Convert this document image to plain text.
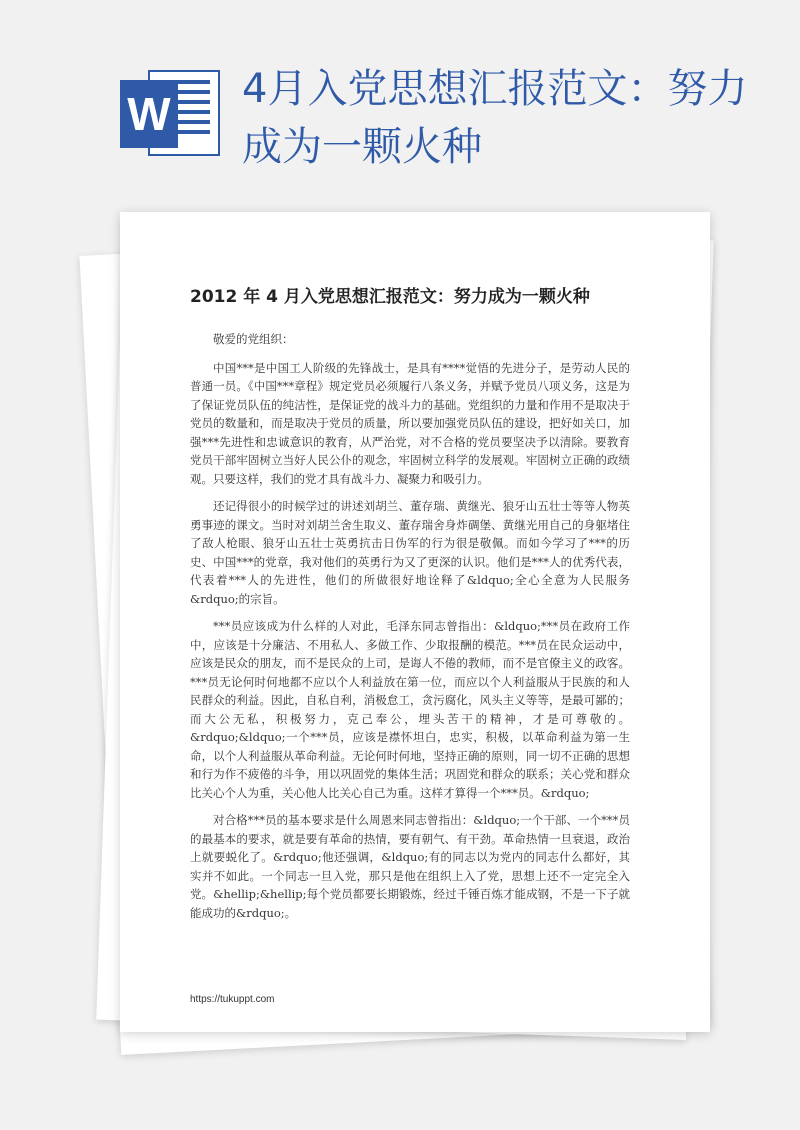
W 4月入党思想汇报范文：努力成为一颗火种
2012 年 4 月入党思想汇报范文：努力成为一颗火种

敬爱的党组织：

中国***是中国工人阶级的先锋战士，是具有****觉悟的先进分子，是劳动人民的普通一员。《中国***章程》规定党员必须履行八条义务，并赋予党员八项义务，这是为了保证党员队伍的纯洁性，是保证党的战斗力的基础。党组织的力量和作用不是取决于党员的数量和，而是取决于党员的质量，所以要加强党员队伍的建设，把好如关口，加强***先进性和忠诚意识的教育，从严治党，对不合格的党员要坚决予以清除。要教育党员干部牢固树立当好人民公仆的观念，牢固树立科学的发展观。牢固树立正确的政绩观。只要这样，我们的党才具有战斗力、凝聚力和吸引力。

还记得很小的时候学过的讲述刘胡兰、董存瑞、黄继光、狼牙山五壮士等等人物英勇事迹的课文。当时对刘胡兰舍生取义、董存瑞舍身炸碉堡、黄继光用自己的身躯堵住了敌人枪眼、狼牙山五壮士英勇抗击日伪军的行为很是敬佩。而如今学习了***的历史、中国***的党章，我对他们的英勇行为又了更深的认识。他们是***人的优秀代表，代表着***人的先进性，他们的所做很好地诠释了&ldquo;全心全意为人民服务&rdquo;的宗旨。

***员应该成为什么样的人对此，毛泽东同志曾指出：&ldquo;***员在政府工作中，应该是十分廉洁、不用私人、多做工作、少取报酬的模范。***员在民众运动中，应该是民众的朋友，而不是民众的上司，是诲人不倦的教师，而不是官僚主义的政客。***员无论何时何地都不应以个人利益放在第一位，而应以个人利益服从于民族的和人民群众的利益。因此，自私自利，消极怠工，贪污腐化，风头主义等等，是最可鄙的；而大公无私，积极努力，克己奉公，埋头苦干的精神，才是可尊敬的。&rdquo;&ldquo;一个***员，应该是襟怀坦白，忠实，积极，以革命利益为第一生命，以个人利益服从革命利益。无论何时何地，坚持正确的原则，同一切不正确的思想和行为作不疲倦的斗争，用以巩固党的集体生活；巩固党和群众的联系；关心党和群众比关心个人为重，关心他人比关心自己为重。这样才算得一个***员。&rdquo;

对合格***员的基本要求是什么周恩来同志曾指出：&ldquo;一个干部、一个***员的最基本的要求，就是要有革命的热情，要有朝气、有干劲。革命热情一旦衰退，政治上就要蜕化了。&rdquo;他还强调，&ldquo;有的同志以为党内的同志什么都好，其实并不如此。一个同志一旦入党，那只是他在组织上入了党，思想上还不一定完全入党。&hellip;&hellip;每个党员都要长期锻炼，经过千锤百炼才能成钢，不是一下子就能成功的&rdquo;。

https://tukuppt.com
